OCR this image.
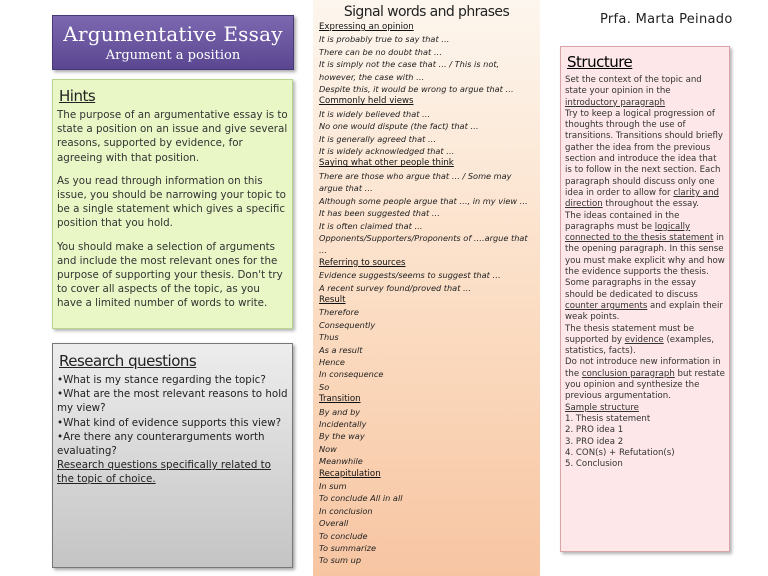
Argumentative Essay
Argument a position
Hints

The purpose of an argumentative essay is to state a position on an issue and give several reasons, supported by evidence, for agreeing with that position.

As you read through information on this issue, you should be narrowing your topic to be a single statement which gives a specific position that you hold.

You should make a selection of arguments and include the most relevant ones for the purpose of supporting your thesis. Don't try to cover all aspects of the topic, as you have a limited number of words to write.

Research questions

•What is my stance regarding the topic?

•What are the most relevant reasons to hold my view?

•What kind of evidence supports this view?

•Are there any counterarguments worth evaluating?

Research questions specifically related to the topic of choice.

Signal words and phrases

Expressing an opinion

It is probably true to say that …

There can be no doubt that …

It is simply not the case that … / This is not,

however, the case with …

Despite this, it would be wrong to argue that …

Commonly held views

It is widely believed that …

No one would dispute (the fact) that …

It is generally agreed that …

It is widely acknowledged that …

Saying what other people think

There are those who argue that … / Some may

argue that …

Although some people argue that …, in my view …

It has been suggested that …

It is often claimed that …

Opponents/Supporters/Proponents of ….argue that

…

Referring to sources

Evidence suggests/seems to suggest that …

A recent survey found/proved that …

Result

Therefore

Consequently

Thus

As a result

Hence

In consequence

So

Transition

By and by

Incidentally

By the way

Now

Meanwhile

Recapitulation

In sum

To conclude All in all

In conclusion

Overall

To conclude

To summarize

To sum up

Prfa. Marta Peinado
Structure

Set the context of the topic and state your opinion in the introductory paragraph

Try to keep a logical progression of thoughts through the use of transitions. Transitions should briefly gather the idea from the previous section and introduce the idea that is to follow in the next section. Each paragraph should discuss only one idea in order to allow for clarity and direction throughout the essay.

The ideas contained in the paragraphs must be logically connected to the thesis statement in the opening paragraph. In this sense you must make explicit why and how the evidence supports the thesis.

Some paragraphs in the essay should be dedicated to discuss counter arguments and explain their weak points.

The thesis statement must be supported by evidence (examples, statistics, facts).

Do not introduce new information in the conclusion paragraph but restate you opinion and synthesize the previous argumentation.

Sample structure

1. Thesis statement

2. PRO idea 1

3. PRO idea 2

4. CON(s) + Refutation(s)

5. Conclusion
